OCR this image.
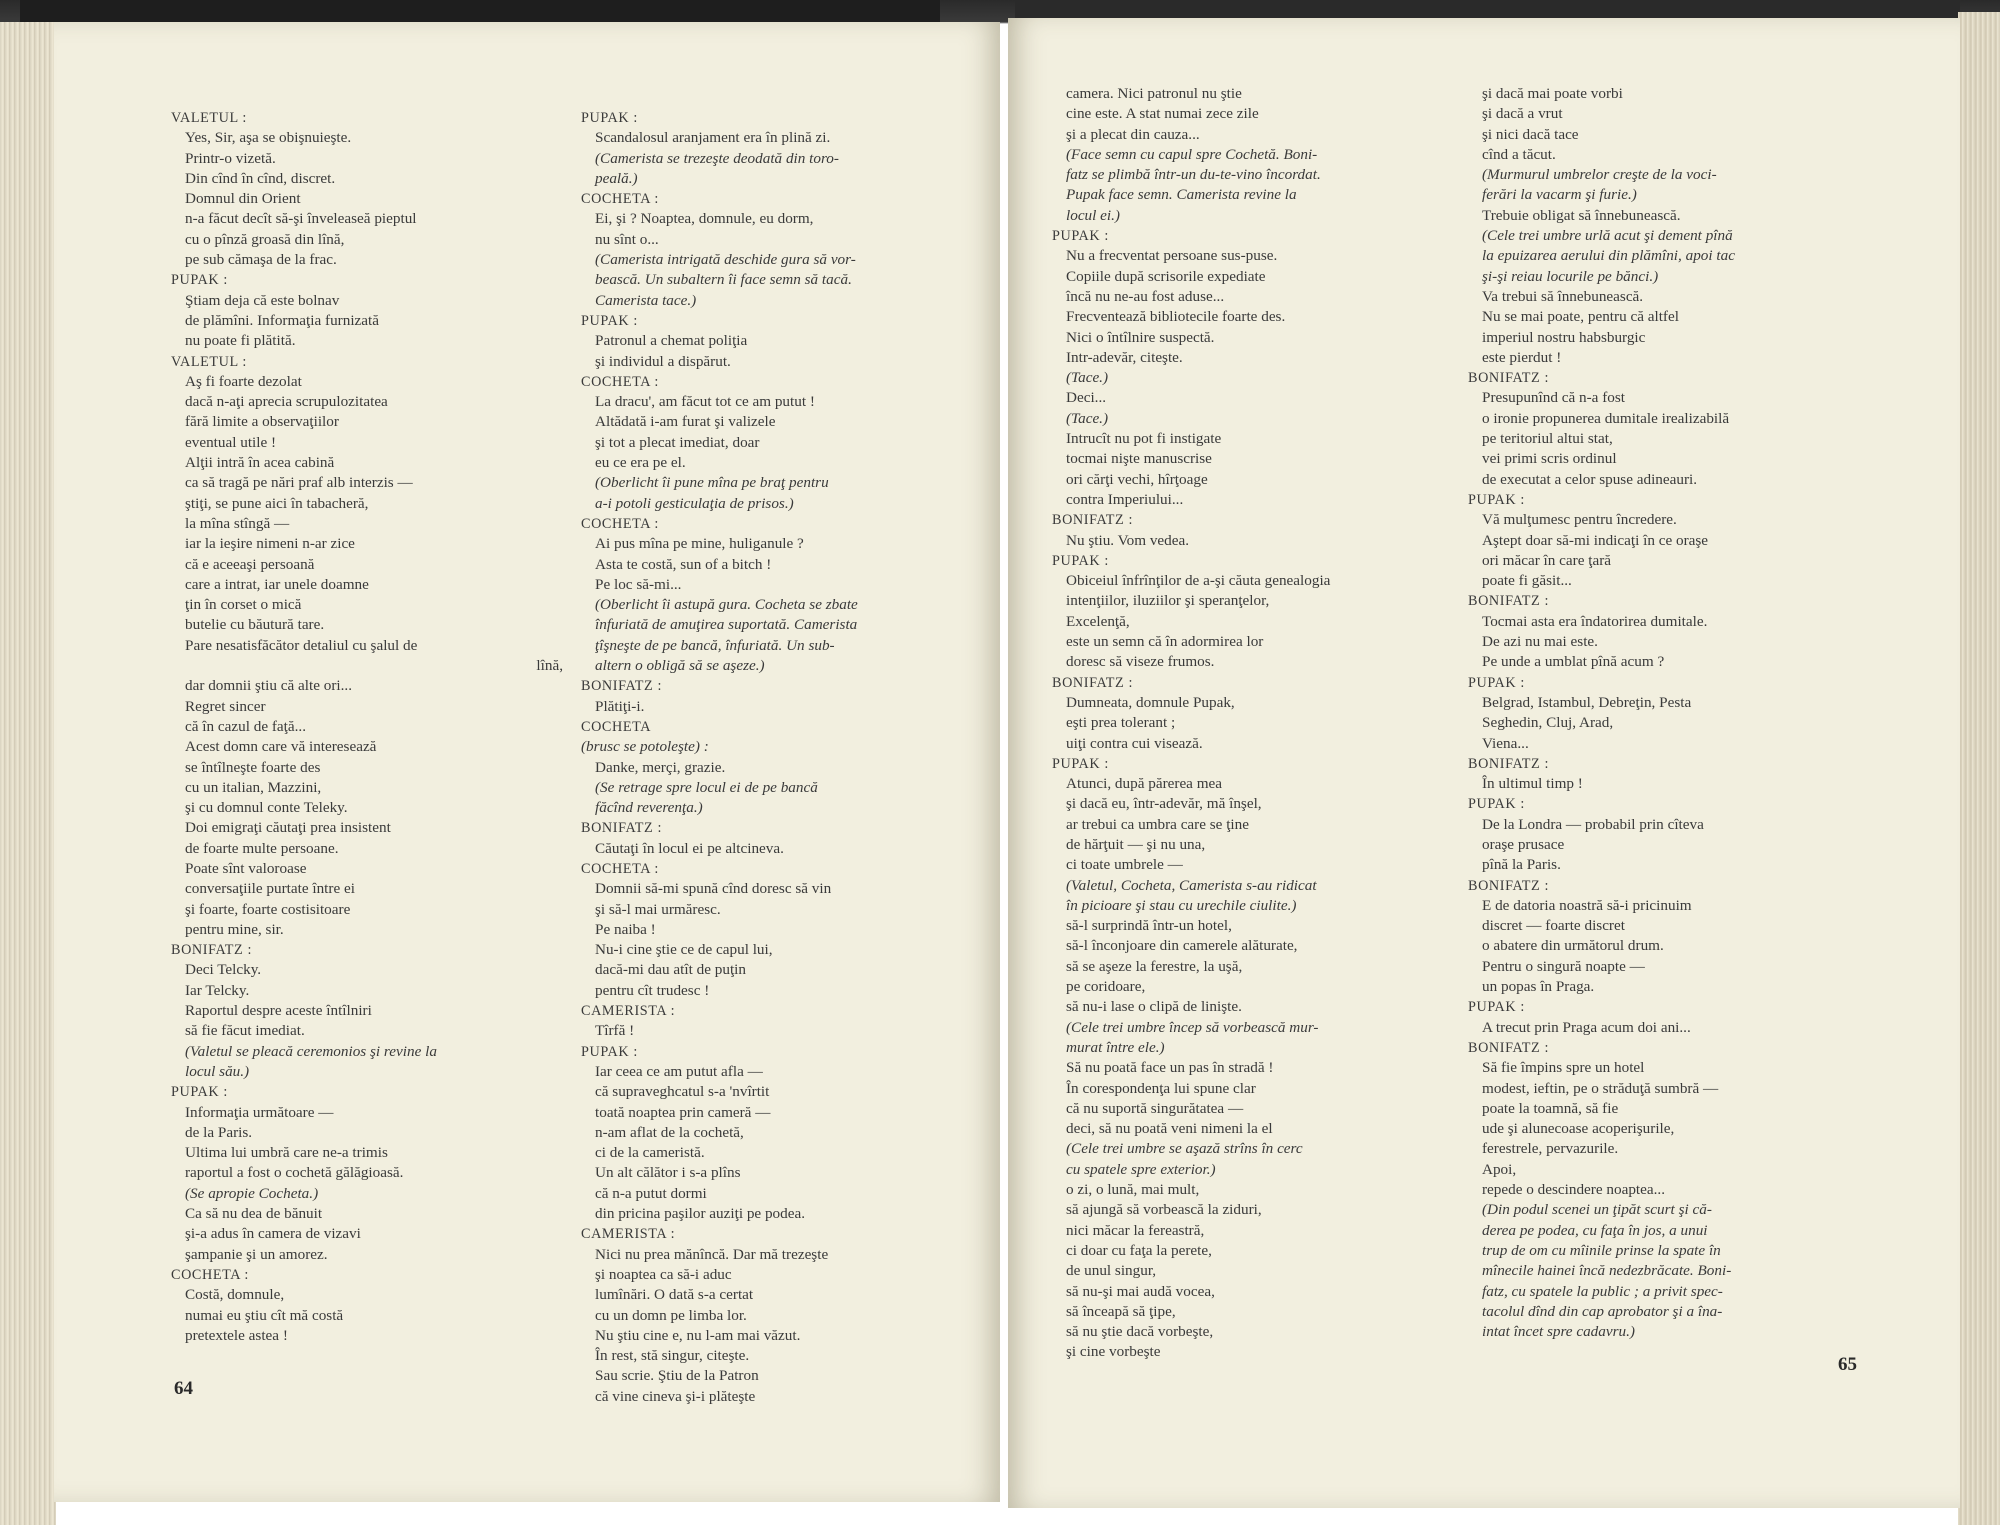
VALETUL :
Yes, Sir, aşa se obişnuieşte.
Printr-o vizetă.
Din cînd în cînd, discret.
Domnul din Orient
n-a făcut decît să-şi înveleaseă pieptul
cu o pînză groasă din lînă,
pe sub cămaşa de la frac.
PUPAK :
Ştiam deja că este bolnav
de plămîni. Informaţia furnizată
nu poate fi plătită.
VALETUL :
Aş fi foarte dezolat
dacă n-aţi aprecia scrupulozitatea
fără limite a observaţiilor
eventual utile !
Alţii intră în acea cabină
ca să tragă pe nări praf alb interzis —
ştiţi, se pune aici în tabacheră,
la mîna stîngă —
iar la ieşire nimeni n-ar zice
că e aceeaşi persoană
care a intrat, iar unele doamne
ţin în corset o mică
butelie cu băutură tare.
Pare nesatisfăcător detaliul cu şalul de
lînă,
dar domnii ştiu că alte ori...
Regret sincer
că în cazul de faţă...
Acest domn care vă interesează
se întîlneşte foarte des
cu un italian, Mazzini,
şi cu domnul conte Teleky.
Doi emigraţi căutaţi prea insistent
de foarte multe persoane.
Poate sînt valoroase
conversaţiile purtate între ei
şi foarte, foarte costisitoare
pentru mine, sir.
BONIFATZ :
Deci Telcky.
Iar Telcky.
Raportul despre aceste întîlniri
să fie făcut imediat.
(Valetul se pleacă ceremonios şi revine la
locul său.)
PUPAK :
Informaţia următoare —
de la Paris.
Ultima lui umbră care ne-a trimis
raportul a fost o cochetă gălăgioasă.
(Se apropie Cocheta.)
Ca să nu dea de bănuit
şi-a adus în camera de vizavi
şampanie şi un amorez.
COCHETA :
Costă, domnule,
numai eu ştiu cît mă costă
pretextele astea !
PUPAK :
Scandalosul aranjament era în plină zi.
(Camerista se trezeşte deodată din toro-
peală.)
COCHETA :
Ei, şi ? Noaptea, domnule, eu dorm,
nu sînt o...
(Camerista intrigată deschide gura să vor-
bească. Un subaltern îi face semn să tacă.
Camerista tace.)
PUPAK :
Patronul a chemat poliţia
şi individul a dispărut.
COCHETA :
La dracu', am făcut tot ce am putut !
Altădată i-am furat şi valizele
şi tot a plecat imediat, doar
eu ce era pe el.
(Oberlicht îi pune mîna pe braţ pentru
a-i potoli gesticulaţia de prisos.)
COCHETA :
Ai pus mîna pe mine, huliganule ?
Asta te costă, sun of a bitch !
Pe loc să-mi...
(Oberlicht îi astupă gura. Cocheta se zbate
înfuriată de amuţirea suportată. Camerista
ţîşneşte de pe bancă, înfuriată. Un sub-
altern o obligă să se aşeze.)
BONIFATZ :
Plătiţi-i.
COCHETA
(brusc se potoleşte) :
Danke, merçi, grazie.
(Se retrage spre locul ei de pe bancă
făcînd reverenţa.)
BONIFATZ :
Căutaţi în locul ei pe altcineva.
COCHETA :
Domnii să-mi spună cînd doresc să vin
şi să-l mai urmăresc.
Pe naiba !
Nu-i cine ştie ce de capul lui,
dacă-mi dau atît de puţin
pentru cît trudesc !
CAMERISTA :
Tîrfă !
PUPAK :
Iar ceea ce am putut afla —
că supraveghcatul s-a 'nvîrtit
toată noaptea prin cameră —
n-am aflat de la cochetă,
ci de la cameristă.
Un alt călător i s-a plîns
că n-a putut dormi
din pricina paşilor auziţi pe podea.
CAMERISTA :
Nici nu prea mănîncă. Dar mă trezeşte
şi noaptea ca să-i aduc
lumînări. O dată s-a certat
cu un domn pe limba lor.
Nu ştiu cine e, nu l-am mai văzut.
În rest, stă singur, citeşte.
Sau scrie. Ştiu de la Patron
că vine cineva şi-i plăteşte
64
camera. Nici patronul nu ştie
cine este. A stat numai zece zile
şi a plecat din cauza...
(Face semn cu capul spre Cochetă. Boni-
fatz se plimbă într-un du-te-vino încordat.
Pupak face semn. Camerista revine la
locul ei.)
PUPAK :
Nu a frecventat persoane sus-puse.
Copiile după scrisorile expediate
încă nu ne-au fost aduse...
Frecventează bibliotecile foarte des.
Nici o întîlnire suspectă.
Intr-adevăr, citeşte.
(Tace.)
Deci...
(Tace.)
Intrucît nu pot fi instigate
tocmai nişte manuscrise
ori cărţi vechi, hîrţoage
contra Imperiului...
BONIFATZ :
Nu ştiu. Vom vedea.
PUPAK :
Obiceiul înfrînţilor de a-şi căuta genealogia
intenţiilor, iluziilor şi speranţelor,
Excelenţă,
este un semn că în adormirea lor
doresc să viseze frumos.
BONIFATZ :
Dumneata, domnule Pupak,
eşti prea tolerant ;
uiţi contra cui visează.
PUPAK :
Atunci, după părerea mea
şi dacă eu, într-adevăr, mă înşel,
ar trebui ca umbra care se ţine
de hărţuit — şi nu una,
ci toate umbrele —
(Valetul, Cocheta, Camerista s-au ridicat
în picioare şi stau cu urechile ciulite.)
să-l surprindă într-un hotel,
să-l înconjoare din camerele alăturate,
să se aşeze la ferestre, la uşă,
pe coridoare,
să nu-i lase o clipă de linişte.
(Cele trei umbre încep să vorbească mur-
murat între ele.)
Să nu poată face un pas în stradă !
În corespondenţa lui spune clar
că nu suportă singurătatea —
deci, să nu poată veni nimeni la el
(Cele trei umbre se aşază strîns în cerc
cu spatele spre exterior.)
o zi, o lună, mai mult,
să ajungă să vorbească la ziduri,
nici măcar la fereastră,
ci doar cu faţa la perete,
de unul singur,
să nu-şi mai audă vocea,
să înceapă să ţipe,
să nu ştie dacă vorbeşte,
şi cine vorbeşte
şi dacă mai poate vorbi
şi dacă a vrut
şi nici dacă tace
cînd a tăcut.
(Murmurul umbrelor creşte de la voci-
ferări la vacarm şi furie.)
Trebuie obligat să înnebunească.
(Cele trei umbre urlă acut şi dement pînă
la epuizarea aerului din plămîni, apoi tac
şi-şi reiau locurile pe bănci.)
Va trebui să înnebunească.
Nu se mai poate, pentru că altfel
imperiul nostru habsburgic
este pierdut !
BONIFATZ :
Presupunînd că n-a fost
o ironie propunerea dumitale irealizabilă
pe teritoriul altui stat,
vei primi scris ordinul
de executat a celor spuse adineauri.
PUPAK :
Vă mulţumesc pentru încredere.
Aştept doar să-mi indicaţi în ce oraşe
ori măcar în care ţară
poate fi găsit...
BONIFATZ :
Tocmai asta era îndatorirea dumitale.
De azi nu mai este.
Pe unde a umblat pînă acum ?
PUPAK :
Belgrad, Istambul, Debreţin, Pesta
Seghedin, Cluj, Arad,
Viena...
BONIFATZ :
În ultimul timp !
PUPAK :
De la Londra — probabil prin cîteva
oraşe prusace
pînă la Paris.
BONIFATZ :
E de datoria noastră să-i pricinuim
discret — foarte discret
o abatere din următorul drum.
Pentru o singură noapte —
un popas în Praga.
PUPAK :
A trecut prin Praga acum doi ani...
BONIFATZ :
Să fie împins spre un hotel
modest, ieftin, pe o străduţă sumbră —
poate la toamnă, să fie
ude şi alunecoase acoperişurile,
ferestrele, pervazurile.
Apoi,
repede o descindere noaptea...
(Din podul scenei un ţipăt scurt şi că-
derea pe podea, cu faţa în jos, a unui
trup de om cu mîinile prinse la spate în
mînecile hainei încă nedezbrăcate. Boni-
fatz, cu spatele la public ; a privit spec-
tacolul dînd din cap aprobator şi a îna-
intat încet spre cadavru.)
65
